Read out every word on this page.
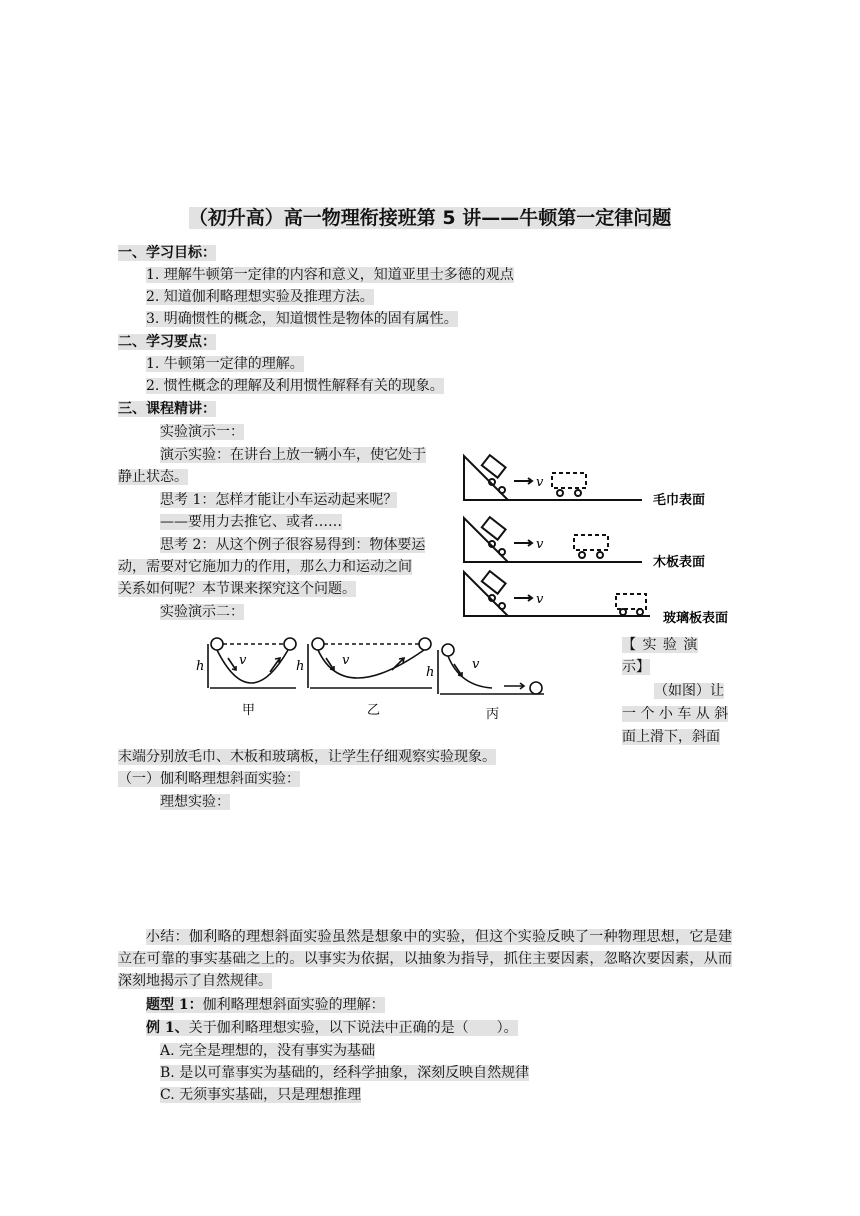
（初升高）高一物理衔接班第 5 讲——牛顿第一定律问题
一、学习目标：
1. 理解牛顿第一定律的内容和意义，知道亚里士多德的观点
2. 知道伽利略理想实验及推理方法。
3. 明确惯性的概念，知道惯性是物体的固有属性。
二、学习要点：
1. 牛顿第一定律的理解。
2. 惯性概念的理解及利用惯性解释有关的现象。
三、课程精讲：
实验演示一：
演示实验：在讲台上放一辆小车，使它处于
静止状态。
思考 1：怎样才能让小车运动起来呢？
——要用力去推它、或者……
思考 2：从这个例子很容易得到：物体要运
动，需要对它施加力的作用，那么力和运动之间
关系如何呢？本节课来探究这个问题。
实验演示二：
v
毛巾表面
v
木板表面
v
玻璃板表面
h	v
甲
h	v
乙
h
v
丙
【 实 验 演
示】
（如图）让
一 个 小 车 从 斜
面上滑下，斜面
末端分别放毛巾、木板和玻璃板，让学生仔细观察实验现象。
（一）伽利略理想斜面实验：
理想实验：
小结：伽利略的理想斜面实验虽然是想象中的实验，但这个实验反映了一种物理思想，它是建立在可靠的事实基础之上的。以事实为依据，以抽象为指导，抓住主要因素，忽略次要因素，从而深刻地揭示了自然规律。
题型 1：伽利略理想斜面实验的理解：
例 1、关于伽利略理想实验，以下说法中正确的是（　　）。
A. 完全是理想的，没有事实为基础
B. 是以可靠事实为基础的，经科学抽象，深刻反映自然规律
C. 无须事实基础，只是理想推理
